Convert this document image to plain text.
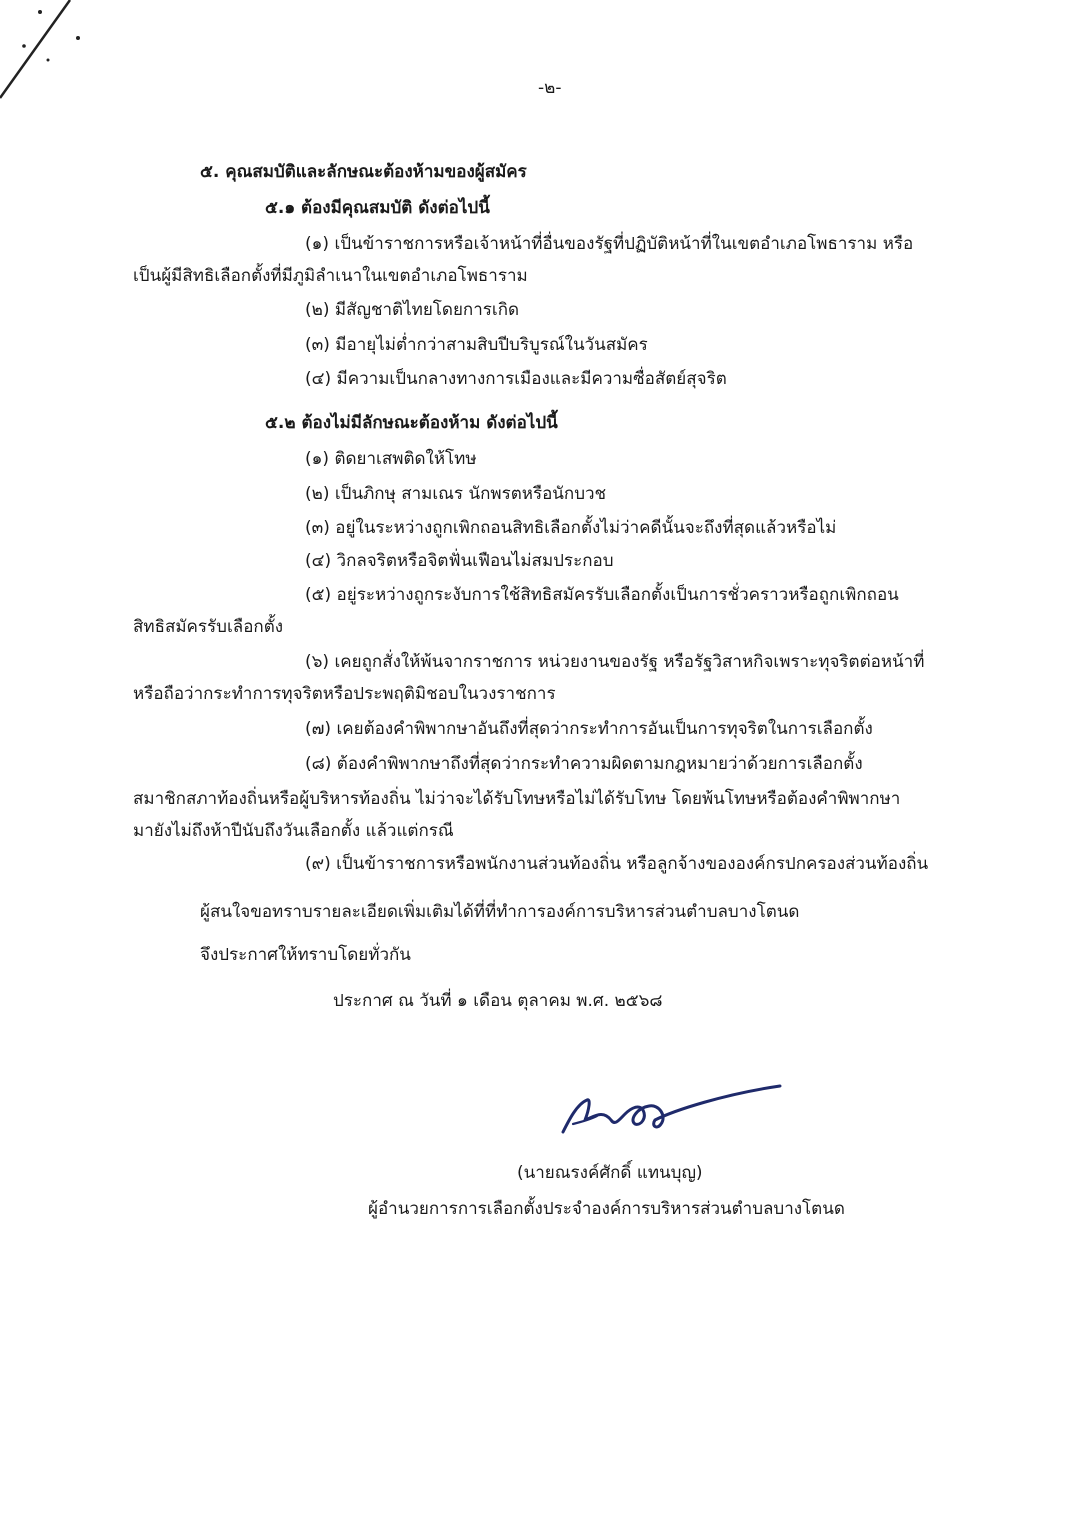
-๒-
๕. คุณสมบัติและลักษณะต้องห้ามของผู้สมัคร
๕.๑ ต้องมีคุณสมบัติ ดังต่อไปนี้
(๑) เป็นข้าราชการหรือเจ้าหน้าที่อื่นของรัฐที่ปฏิบัติหน้าที่ในเขตอำเภอโพธาราม หรือ
เป็นผู้มีสิทธิเลือกตั้งที่มีภูมิลำเนาในเขตอำเภอโพธาราม
(๒) มีสัญชาติไทยโดยการเกิด
(๓) มีอายุไม่ต่ำกว่าสามสิบปีบริบูรณ์ในวันสมัคร
(๔) มีความเป็นกลางทางการเมืองและมีความซื่อสัตย์สุจริต
๕.๒ ต้องไม่มีลักษณะต้องห้าม ดังต่อไปนี้
(๑) ติดยาเสพติดให้โทษ
(๒) เป็นภิกษุ สามเณร นักพรตหรือนักบวช
(๓) อยู่ในระหว่างถูกเพิกถอนสิทธิเลือกตั้งไม่ว่าคดีนั้นจะถึงที่สุดแล้วหรือไม่
(๔) วิกลจริตหรือจิตฟั่นเฟือนไม่สมประกอบ
(๕) อยู่ระหว่างถูกระงับการใช้สิทธิสมัครรับเลือกตั้งเป็นการชั่วคราวหรือถูกเพิกถอน
สิทธิสมัครรับเลือกตั้ง
(๖) เคยถูกสั่งให้พ้นจากราชการ หน่วยงานของรัฐ หรือรัฐวิสาหกิจเพราะทุจริตต่อหน้าที่
หรือถือว่ากระทำการทุจริตหรือประพฤติมิชอบในวงราชการ
(๗) เคยต้องคำพิพากษาอันถึงที่สุดว่ากระทำการอันเป็นการทุจริตในการเลือกตั้ง
(๘) ต้องคำพิพากษาถึงที่สุดว่ากระทำความผิดตามกฎหมายว่าด้วยการเลือกตั้ง
สมาชิกสภาท้องถิ่นหรือผู้บริหารท้องถิ่น ไม่ว่าจะได้รับโทษหรือไม่ได้รับโทษ โดยพ้นโทษหรือต้องคำพิพากษา
มายังไม่ถึงห้าปีนับถึงวันเลือกตั้ง แล้วแต่กรณี
(๙) เป็นข้าราชการหรือพนักงานส่วนท้องถิ่น หรือลูกจ้างขององค์กรปกครองส่วนท้องถิ่น
ผู้สนใจขอทราบรายละเอียดเพิ่มเติมได้ที่ที่ทำการองค์การบริหารส่วนตำบลบางโตนด
จึงประกาศให้ทราบโดยทั่วกัน
ประกาศ ณ วันที่ ๑ เดือน ตุลาคม พ.ศ. ๒๕๖๘
(นายณรงค์ศักดิ์ แทนบุญ)
ผู้อำนวยการการเลือกตั้งประจำองค์การบริหารส่วนตำบลบางโตนด
